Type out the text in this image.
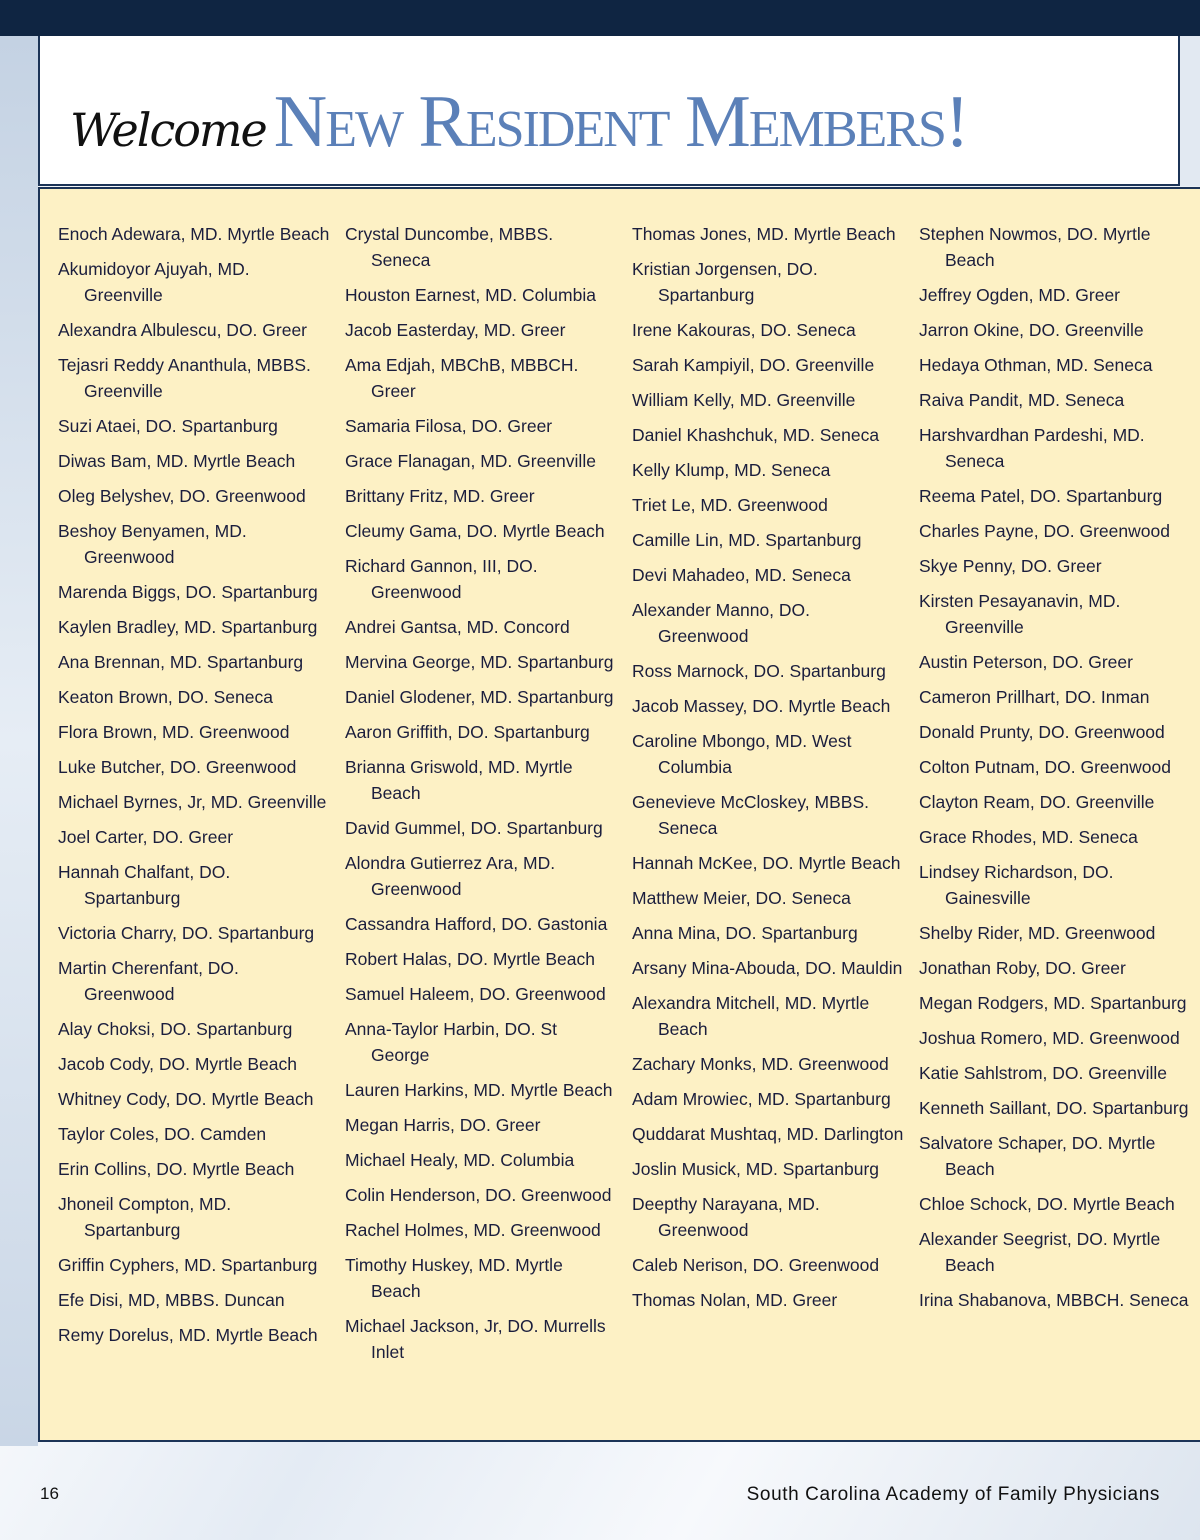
Welcome New Resident Members!
Enoch Adewara, MD. Myrtle Beach
Akumidoyor Ajuyah, MD. Greenville
Alexandra Albulescu, DO. Greer
Tejasri Reddy Ananthula, MBBS. Greenville
Suzi Ataei, DO. Spartanburg
Diwas Bam, MD. Myrtle Beach
Oleg Belyshev, DO. Greenwood
Beshoy Benyamen, MD. Greenwood
Marenda Biggs, DO. Spartanburg
Kaylen Bradley, MD. Spartanburg
Ana Brennan, MD. Spartanburg
Keaton Brown, DO. Seneca
Flora Brown, MD. Greenwood
Luke Butcher, DO. Greenwood
Michael Byrnes, Jr, MD. Greenville
Joel Carter, DO. Greer
Hannah Chalfant, DO. Spartanburg
Victoria Charry, DO. Spartanburg
Martin Cherenfant, DO. Greenwood
Alay Choksi, DO. Spartanburg
Jacob Cody, DO. Myrtle Beach
Whitney Cody, DO. Myrtle Beach
Taylor Coles, DO. Camden
Erin Collins, DO. Myrtle Beach
Jhoneil Compton, MD. Spartanburg
Griffin Cyphers, MD. Spartanburg
Efe Disi, MD, MBBS. Duncan
Remy Dorelus, MD. Myrtle Beach
Crystal Duncombe, MBBS. Seneca
Houston Earnest, MD. Columbia
Jacob Easterday, MD. Greer
Ama Edjah, MBChB, MBBCH. Greer
Samaria Filosa, DO. Greer
Grace Flanagan, MD. Greenville
Brittany Fritz, MD. Greer
Cleumy Gama, DO. Myrtle Beach
Richard Gannon, III, DO. Greenwood
Andrei Gantsa, MD. Concord
Mervina George, MD. Spartanburg
Daniel Glodener, MD. Spartanburg
Aaron Griffith, DO. Spartanburg
Brianna Griswold, MD. Myrtle Beach
David Gummel, DO. Spartanburg
Alondra Gutierrez Ara, MD. Greenwood
Cassandra Hafford, DO. Gastonia
Robert Halas, DO. Myrtle Beach
Samuel Haleem, DO. Greenwood
Anna-Taylor Harbin, DO. St George
Lauren Harkins, MD. Myrtle Beach
Megan Harris, DO. Greer
Michael Healy, MD. Columbia
Colin Henderson, DO. Greenwood
Rachel Holmes, MD. Greenwood
Timothy Huskey, MD. Myrtle Beach
Michael Jackson, Jr, DO. Murrells Inlet
Thomas Jones, MD. Myrtle Beach
Kristian Jorgensen, DO. Spartanburg
Irene Kakouras, DO. Seneca
Sarah Kampiyil, DO. Greenville
William Kelly, MD. Greenville
Daniel Khashchuk, MD. Seneca
Kelly Klump, MD. Seneca
Triet Le, MD. Greenwood
Camille Lin, MD. Spartanburg
Devi Mahadeo, MD. Seneca
Alexander Manno, DO. Greenwood
Ross Marnock, DO. Spartanburg
Jacob Massey, DO. Myrtle Beach
Caroline Mbongo, MD. West Columbia
Genevieve McCloskey, MBBS. Seneca
Hannah McKee, DO. Myrtle Beach
Matthew Meier, DO. Seneca
Anna Mina, DO. Spartanburg
Arsany Mina-Abouda, DO. Mauldin
Alexandra Mitchell, MD. Myrtle Beach
Zachary Monks, MD. Greenwood
Adam Mrowiec, MD. Spartanburg
Quddarat Mushtaq, MD. Darlington
Joslin Musick, MD. Spartanburg
Deepthy Narayana, MD. Greenwood
Caleb Nerison, DO. Greenwood
Thomas Nolan, MD. Greer
Stephen Nowmos, DO. Myrtle Beach
Jeffrey Ogden, MD. Greer
Jarron Okine, DO. Greenville
Hedaya Othman, MD. Seneca
Raiva Pandit, MD. Seneca
Harshvardhan Pardeshi, MD. Seneca
Reema Patel, DO. Spartanburg
Charles Payne, DO. Greenwood
Skye Penny, DO. Greer
Kirsten Pesayanavin, MD. Greenville
Austin Peterson, DO. Greer
Cameron Prillhart, DO. Inman
Donald Prunty, DO. Greenwood
Colton Putnam, DO. Greenwood
Clayton Ream, DO. Greenville
Grace Rhodes, MD. Seneca
Lindsey Richardson, DO. Gainesville
Shelby Rider, MD. Greenwood
Jonathan Roby, DO. Greer
Megan Rodgers, MD. Spartanburg
Joshua Romero, MD. Greenwood
Katie Sahlstrom, DO. Greenville
Kenneth Saillant, DO. Spartanburg
Salvatore Schaper, DO. Myrtle Beach
Chloe Schock, DO. Myrtle Beach
Alexander Seegrist, DO. Myrtle Beach
Irina Shabanova, MBBCH. Seneca
16	South Carolina Academy of Family Physicians
